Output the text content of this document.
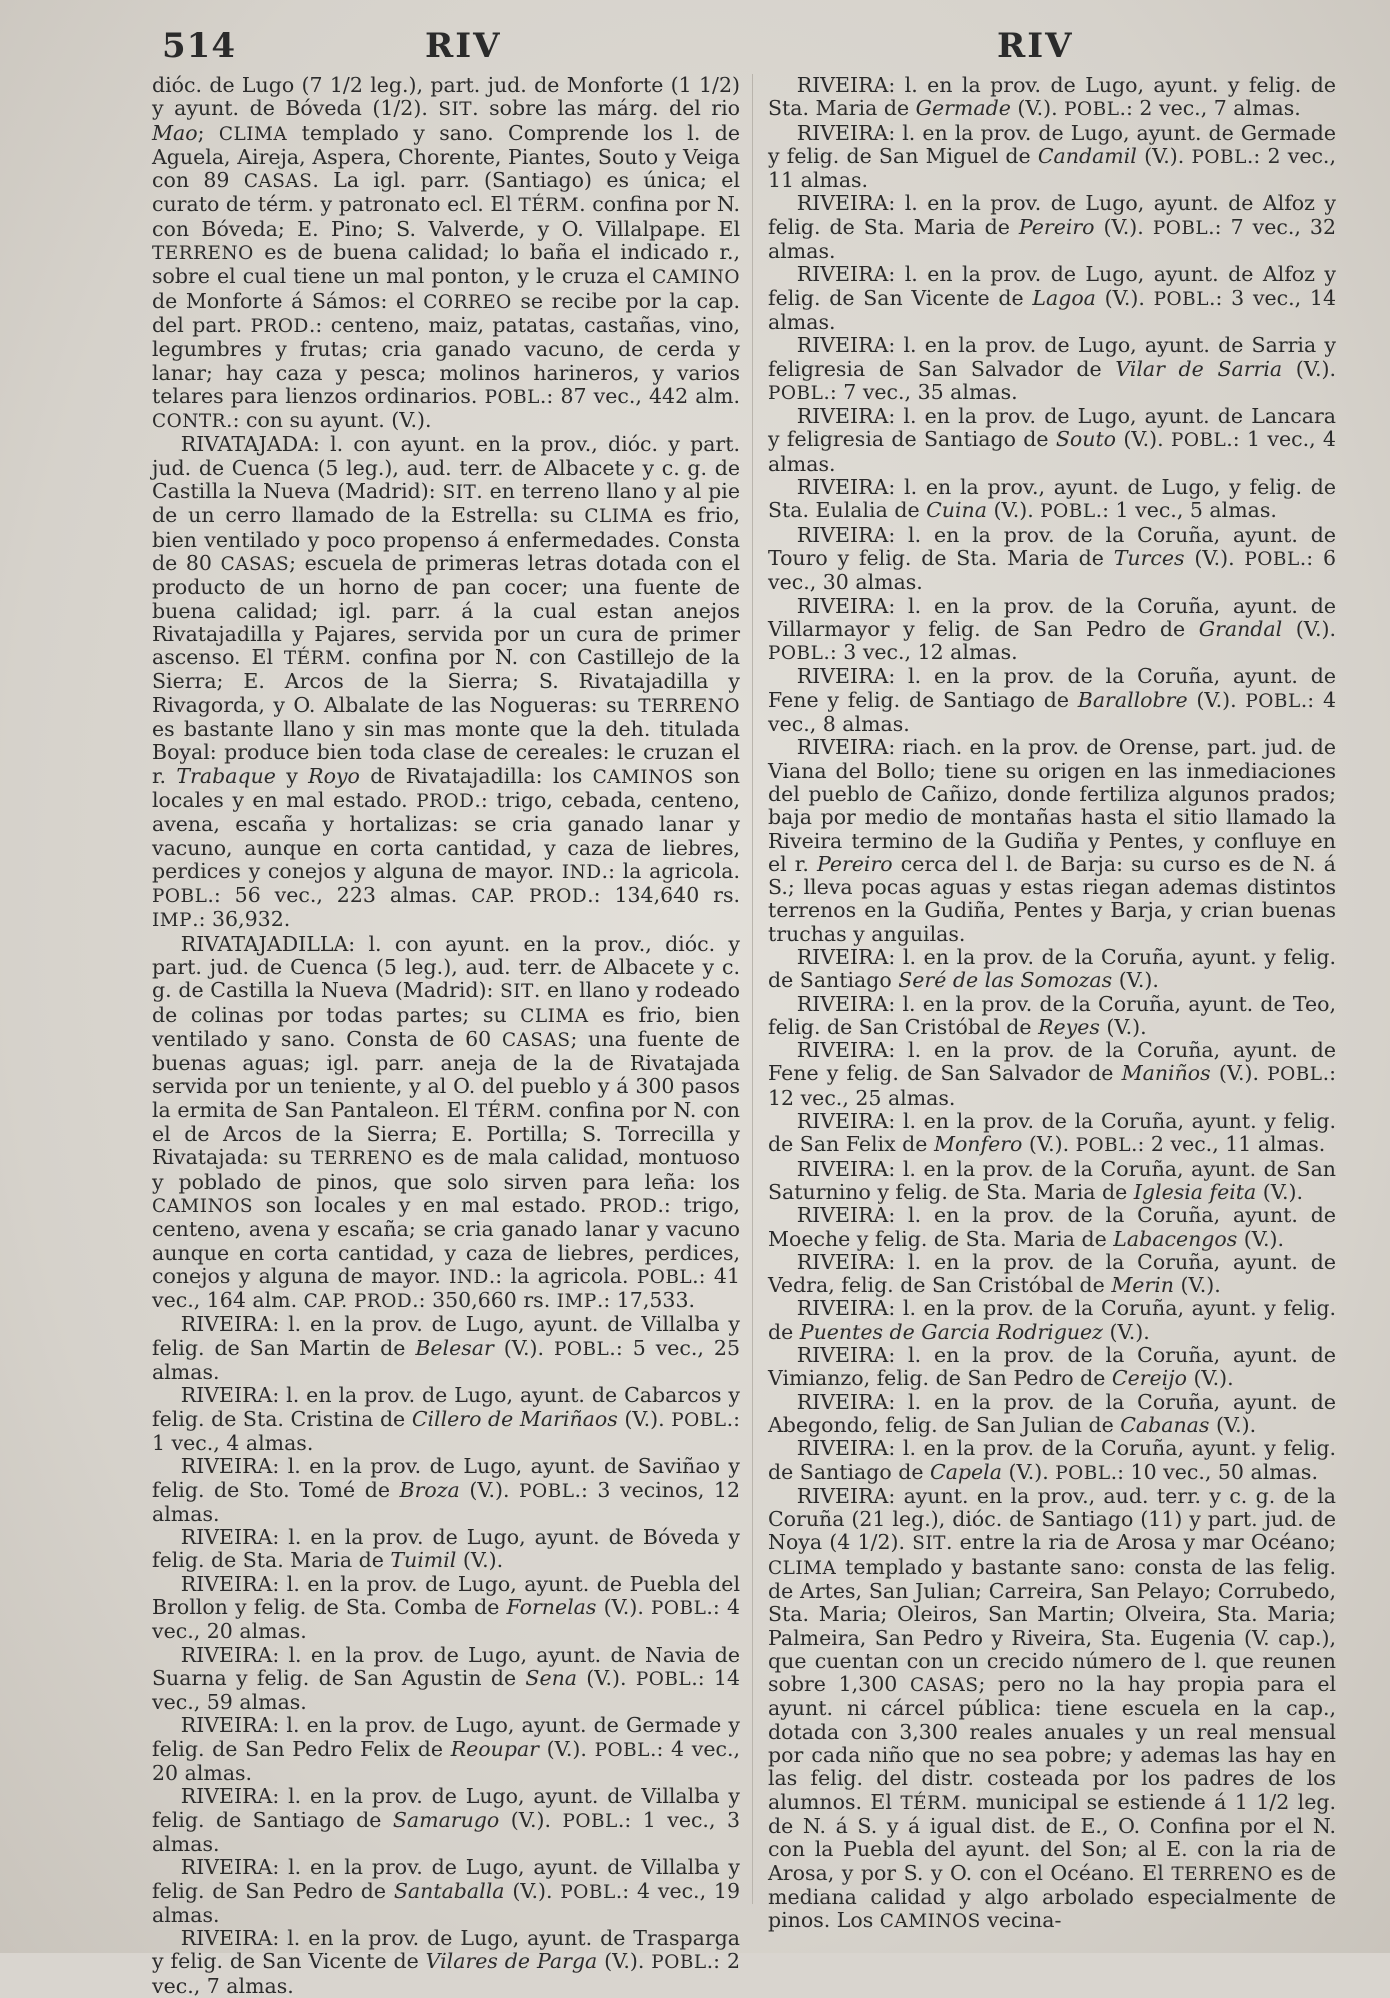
514	RIV	RIV

dióc. de Lugo (7 1/2 leg.), part. jud. de Monforte (1 1/2) y ayunt. de Bóveda (1/2). SIT. sobre las márg. del rio Mao; CLIMA templado y sano. Comprende los l. de Aguela, Aireja, Aspera, Chorente, Piantes, Souto y Veiga con 89 CASAS. La igl. parr. (Santiago) es única; el curato de térm. y patronato ecl. El TÉRM. confina por N. con Bóveda; E. Pino; S. Valverde, y O. Villalpape. El TERRENO es de buena calidad; lo baña el indicado r., sobre el cual tiene un mal ponton, y le cruza el CAMINO de Monforte á Sámos: el CORREO se recibe por la cap. del part. PROD.: centeno, maiz, patatas, castañas, vino, legumbres y frutas; cria ganado vacuno, de cerda y lanar; hay caza y pesca; molinos harineros, y varios telares para lienzos ordinarios. POBL.: 87 vec., 442 alm. CONTR.: con su ayunt. (V.).

RIVATAJADA: l. con ayunt. en la prov., dióc. y part. jud. de Cuenca (5 leg.), aud. terr. de Albacete y c. g. de Castilla la Nueva (Madrid): SIT. en terreno llano y al pie de un cerro llamado de la Estrella: su CLIMA es frio, bien ventilado y poco propenso á enfermedades. Consta de 80 CASAS; escuela de primeras letras dotada con el producto de un horno de pan cocer; una fuente de buena calidad; igl. parr. á la cual estan anejos Rivatajadilla y Pajares, servida por un cura de primer ascenso. El TÉRM. confina por N. con Castillejo de la Sierra; E. Arcos de la Sierra; S. Rivatajadilla y Rivagorda, y O. Albalate de las Nogueras: su TERRENO es bastante llano y sin mas monte que la deh. titulada Boyal: produce bien toda clase de cereales: le cruzan el r. Trabaque y Royo de Rivatajadilla: los CAMINOS son locales y en mal estado. PROD.: trigo, cebada, centeno, avena, escaña y hortalizas: se cria ganado lanar y vacuno, aunque en corta cantidad, y caza de liebres, perdices y conejos y alguna de mayor. IND.: la agricola. POBL.: 56 vec., 223 almas. CAP. PROD.: 134,640 rs. IMP.: 36,932.

RIVATAJADILLA: l. con ayunt. en la prov., dióc. y part. jud. de Cuenca (5 leg.), aud. terr. de Albacete y c. g. de Castilla la Nueva (Madrid): SIT. en llano y rodeado de colinas por todas partes; su CLIMA es frio, bien ventilado y sano. Consta de 60 CASAS; una fuente de buenas aguas; igl. parr. aneja de la de Rivatajada servida por un teniente, y al O. del pueblo y á 300 pasos la ermita de San Pantaleon. El TÉRM. confina por N. con el de Arcos de la Sierra; E. Portilla; S. Torrecilla y Rivatajada: su TERRENO es de mala calidad, montuoso y poblado de pinos, que solo sirven para leña: los CAMINOS son locales y en mal estado. PROD.: trigo, centeno, avena y escaña; se cria ganado lanar y vacuno aunque en corta cantidad, y caza de liebres, perdices, conejos y alguna de mayor. IND.: la agricola. POBL.: 41 vec., 164 alm. CAP. PROD.: 350,660 rs. IMP.: 17,533.

RIVEIRA: l. en la prov. de Lugo, ayunt. de Villalba y felig. de San Martin de Belesar (V.). POBL.: 5 vec., 25 almas.

RIVEIRA: l. en la prov. de Lugo, ayunt. de Cabarcos y felig. de Sta. Cristina de Cillero de Mariñaos (V.). POBL.: 1 vec., 4 almas.

RIVEIRA: l. en la prov. de Lugo, ayunt. de Saviñao y felig. de Sto. Tomé de Broza (V.). POBL.: 3 vecinos, 12 almas.

RIVEIRA: l. en la prov. de Lugo, ayunt. de Bóveda y felig. de Sta. Maria de Tuimil (V.).

RIVEIRA: l. en la prov. de Lugo, ayunt. de Puebla del Brollon y felig. de Sta. Comba de Fornelas (V.). POBL.: 4 vec., 20 almas.

RIVEIRA: l. en la prov. de Lugo, ayunt. de Navia de Suarna y felig. de San Agustin de Sena (V.). POBL.: 14 vec., 59 almas.

RIVEIRA: l. en la prov. de Lugo, ayunt. de Germade y felig. de San Pedro Felix de Reoupar (V.). POBL.: 4 vec., 20 almas.

RIVEIRA: l. en la prov. de Lugo, ayunt. de Villalba y felig. de Santiago de Samarugo (V.). POBL.: 1 vec., 3 almas.

RIVEIRA: l. en la prov. de Lugo, ayunt. de Villalba y felig. de San Pedro de Santaballa (V.). POBL.: 4 vec., 19 almas.

RIVEIRA: l. en la prov. de Lugo, ayunt. de Trasparga y felig. de San Vicente de Vilares de Parga (V.). POBL.: 2 vec., 7 almas.

RIVEIRA: l. en la prov. de Lugo, ayunt. y felig. de Sta. Maria de Germade (V.). POBL.: 2 vec., 7 almas.

RIVEIRA: l. en la prov. de Lugo, ayunt. de Germade y felig. de San Miguel de Candamil (V.). POBL.: 2 vec., 11 almas.

RIVEIRA: l. en la prov. de Lugo, ayunt. de Alfoz y felig. de Sta. Maria de Pereiro (V.). POBL.: 7 vec., 32 almas.

RIVEIRA: l. en la prov. de Lugo, ayunt. de Alfoz y felig. de San Vicente de Lagoa (V.). POBL.: 3 vec., 14 almas.

RIVEIRA: l. en la prov. de Lugo, ayunt. de Sarria y feligresia de San Salvador de Vilar de Sarria (V.). POBL.: 7 vec., 35 almas.

RIVEIRA: l. en la prov. de Lugo, ayunt. de Lancara y feligresia de Santiago de Souto (V.). POBL.: 1 vec., 4 almas.

RIVEIRA: l. en la prov., ayunt. de Lugo, y felig. de Sta. Eulalia de Cuina (V.). POBL.: 1 vec., 5 almas.

RIVEIRA: l. en la prov. de la Coruña, ayunt. de Touro y felig. de Sta. Maria de Turces (V.). POBL.: 6 vec., 30 almas.

RIVEIRA: l. en la prov. de la Coruña, ayunt. de Villarmayor y felig. de San Pedro de Grandal (V.). POBL.: 3 vec., 12 almas.

RIVEIRA: l. en la prov. de la Coruña, ayunt. de Fene y felig. de Santiago de Barallobre (V.). POBL.: 4 vec., 8 almas.

RIVEIRA: riach. en la prov. de Orense, part. jud. de Viana del Bollo; tiene su origen en las inmediaciones del pueblo de Cañizo, donde fertiliza algunos prados; baja por medio de montañas hasta el sitio llamado la Riveira termino de la Gudiña y Pentes, y confluye en el r. Pereiro cerca del l. de Barja: su curso es de N. á S.; lleva pocas aguas y estas riegan ademas distintos terrenos en la Gudiña, Pentes y Barja, y crian buenas truchas y anguilas.

RIVEIRA: l. en la prov. de la Coruña, ayunt. y felig. de Santiago Seré de las Somozas (V.).

RIVEIRA: l. en la prov. de la Coruña, ayunt. de Teo, felig. de San Cristóbal de Reyes (V.).

RIVEIRA: l. en la prov. de la Coruña, ayunt. de Fene y felig. de San Salvador de Maniños (V.). POBL.: 12 vec., 25 almas.

RIVEIRA: l. en la prov. de la Coruña, ayunt. y felig. de San Felix de Monfero (V.). POBL.: 2 vec., 11 almas.

RIVEIRA: l. en la prov. de la Coruña, ayunt. de San Saturnino y felig. de Sta. Maria de Iglesia feita (V.).

RIVEIRA: l. en la prov. de la Coruña, ayunt. de Moeche y felig. de Sta. Maria de Labacengos (V.).

RIVEIRA: l. en la prov. de la Coruña, ayunt. de Vedra, felig. de San Cristóbal de Merin (V.).

RIVEIRA: l. en la prov. de la Coruña, ayunt. y felig. de Puentes de Garcia Rodriguez (V.).

RIVEIRA: l. en la prov. de la Coruña, ayunt. de Vimianzo, felig. de San Pedro de Cereijo (V.).

RIVEIRA: l. en la prov. de la Coruña, ayunt. de Abegondo, felig. de San Julian de Cabanas (V.).

RIVEIRA: l. en la prov. de la Coruña, ayunt. y felig. de Santiago de Capela (V.). POBL.: 10 vec., 50 almas.

RIVEIRA: ayunt. en la prov., aud. terr. y c. g. de la Coruña (21 leg.), dióc. de Santiago (11) y part. jud. de Noya (4 1/2). SIT. entre la ria de Arosa y mar Océano; CLIMA templado y bastante sano: consta de las felig. de Artes, San Julian; Carreira, San Pelayo; Corrubedo, Sta. Maria; Oleiros, San Martin; Olveira, Sta. Maria; Palmeira, San Pedro y Riveira, Sta. Eugenia (V. cap.), que cuentan con un crecido número de l. que reunen sobre 1,300 CASAS; pero no la hay propia para el ayunt. ni cárcel pública: tiene escuela en la cap., dotada con 3,300 reales anuales y un real mensual por cada niño que no sea pobre; y ademas las hay en las felig. del distr. costeada por los padres de los alumnos. El TÉRM. municipal se estiende á 1 1/2 leg. de N. á S. y á igual dist. de E., O. Confina por el N. con la Puebla del ayunt. del Son; al E. con la ria de Arosa, y por S. y O. con el Océano. El TERRENO es de mediana calidad y algo arbolado especialmente de pinos. Los CAMINOS vecina-
